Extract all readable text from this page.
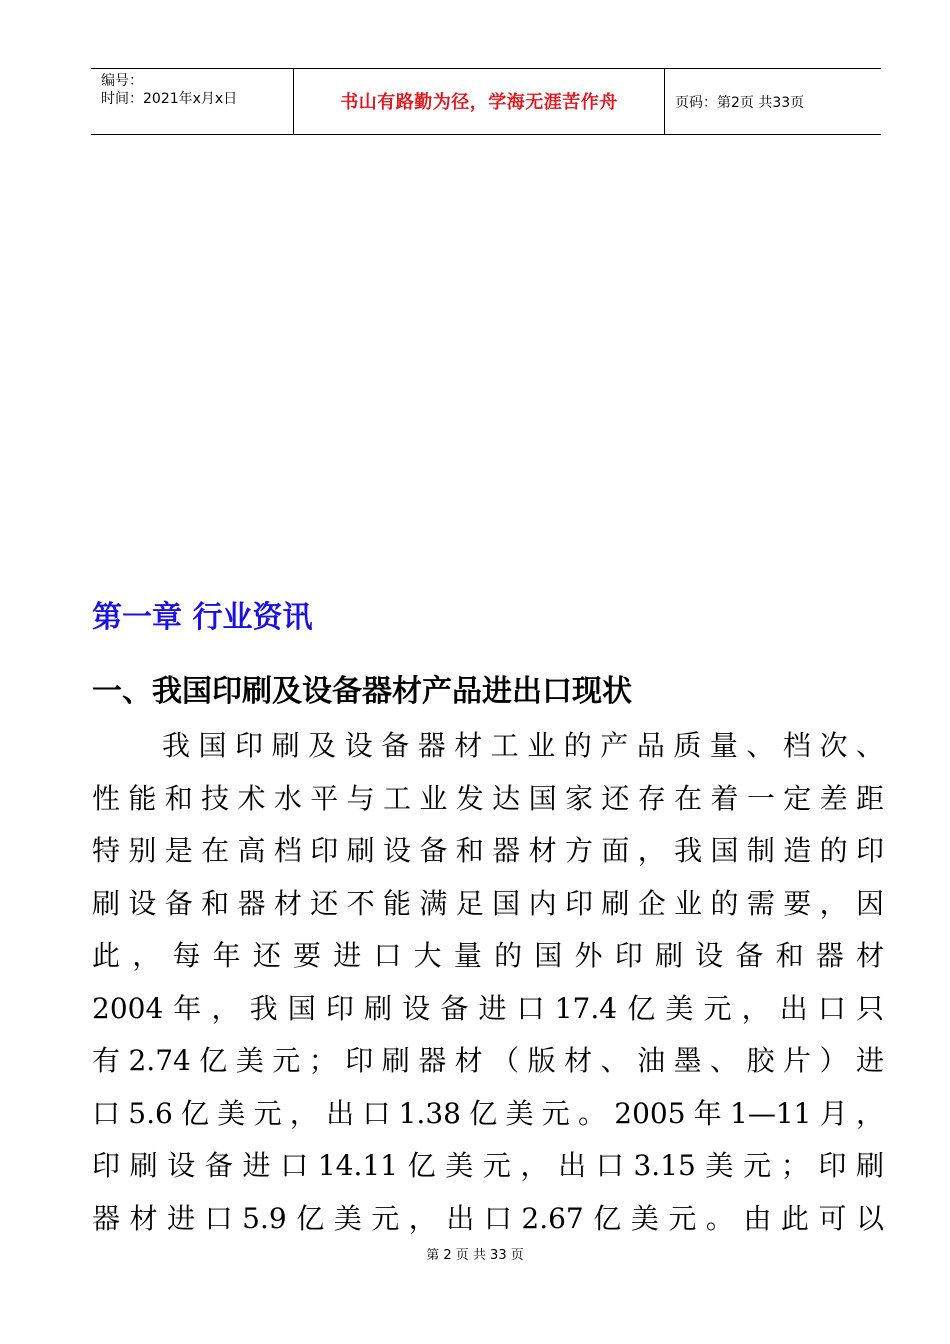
编号：
时间：2021年x月x日	书山有路勤为径，学海无涯苦作舟	页码：第2页 共33页
第一章 行业资讯
一、我国印刷及设备器材产品进出口现状
我国印刷及设备器材工业的产品质量、档次、
性能和技术水平与工业发达国家还存在着一定差距
特别是在高档印刷设备和器材方面，我国制造的印
刷设备和器材还不能满足国内印刷企业的需要，因
此，每年还要进口大量的国外印刷设备和器材
2004年，我国印刷设备进口17.4亿美元，出口只
有2.74亿美元；印刷器材（版材、油墨、胶片）进
口5.6亿美元，出口1.38亿美元。2005年1—11月，
印刷设备进口14.11亿美元，出口3.15美元；印刷
器材进口5.9亿美元，出口2.67亿美元。由此可以
第 2 页 共 33 页
